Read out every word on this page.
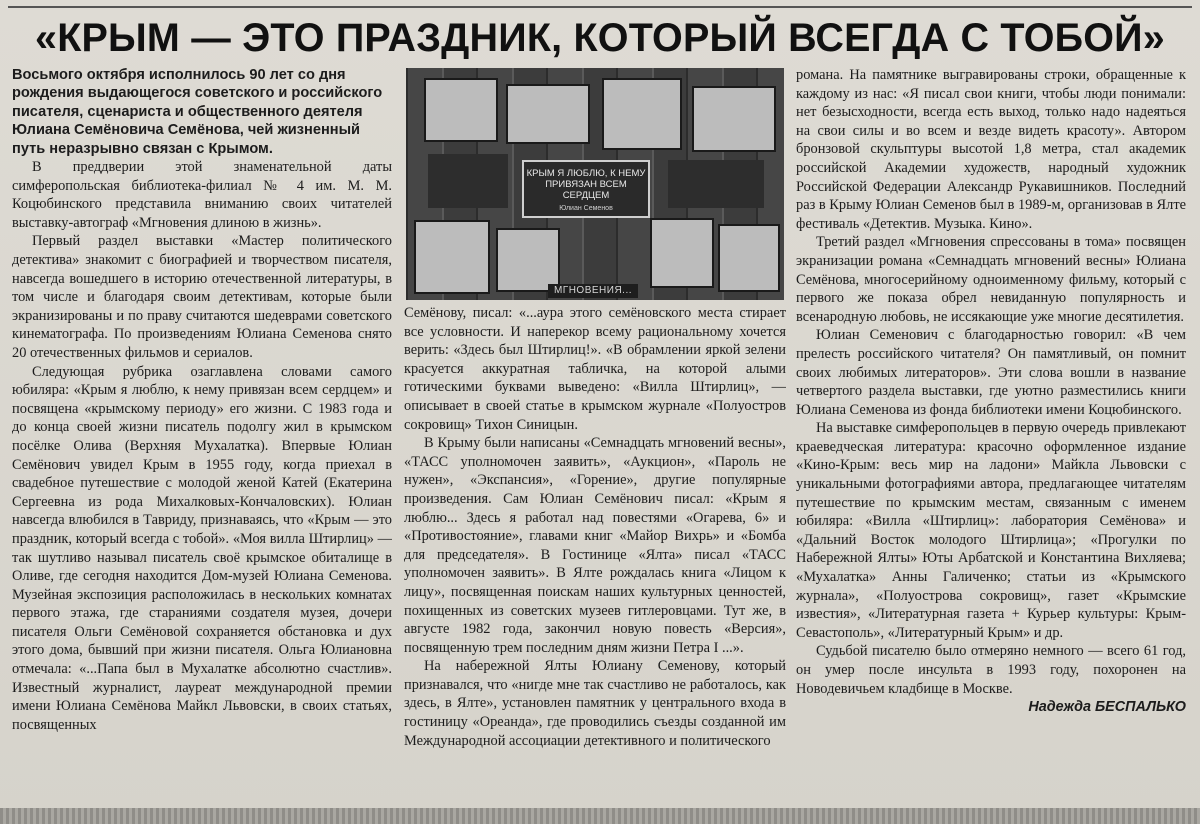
«КРЫМ — ЭТО ПРАЗДНИК, КОТОРЫЙ ВСЕГДА С ТОБОЙ»

Восьмого октября исполнилось 90 лет со дня рождения выдающегося советского и российского писателя, сценариста и общественного деятеля Юлиана Семёновича Семёнова, чей жизненный путь неразрывно связан с Крымом.

В преддверии этой знаменательной даты симферопольская библиотека-филиал № 4 им. М. М. Коцюбинского представила вниманию своих читателей выставку-автограф «Мгновения длиною в жизнь».

Первый раздел выставки «Мастер политического детектива» знакомит с биографией и творчеством писателя, навсегда вошедшего в историю отечественной литературы, в том числе и благодаря своим детективам, которые были экранизированы и по праву считаются шедеврами советского кинематографа. По произведениям Юлиана Семенова снято 20 отечественных фильмов и сериалов.

Следующая рубрика озаглавлена словами самого юбиляра: «Крым я люблю, к нему привязан всем сердцем» и посвящена «крымскому периоду» его жизни. С 1983 года и до конца своей жизни писатель подолгу жил в крымском посёлке Олива (Верхняя Мухалатка). Впервые Юлиан Семёнович увидел Крым в 1955 году, когда приехал в свадебное путешествие с молодой женой Катей (Екатерина Сергеевна из рода Михалковых-Кончаловских). Юлиан навсегда влюбился в Тавриду, признаваясь, что «Крым — это праздник, который всегда с тобой». «Моя вилла Штирлиц» — так шутливо называл писатель своё крымское обиталище в Оливе, где сегодня находится Дом-музей Юлиана Семенова. Музейная экспозиция расположилась в нескольких комнатах первого этажа, где стараниями создателя музея, дочери писателя Ольги Семёновой сохраняется обстановка и дух этого дома, бывший при жизни писателя. Ольга Юлиановна отмечала: «...Папа был в Мухалатке абсолютно счастлив». Известный журналист, лауреат международной премии имени Юлиана Семёнова Майкл Львовски, в своих статьях, посвященных

КРЫМ Я ЛЮБЛЮ, К НЕМУ ПРИВЯЗАН ВСЕМ СЕРДЦЕМ
Юлиан Семенов
МГНОВЕНИЯ...

Семёнову, писал: «...аура этого семёновского места стирает все условности. И наперекор всему рациональному хочется верить: «Здесь был Штирлиц!». «В обрамлении яркой зелени красуется аккуратная табличка, на которой алыми готическими буквами выведено: «Вилла Штирлиц», — описывает в своей статье в крымском журнале «Полуостров сокровищ» Тихон Синицын.

В Крыму были написаны «Семнадцать мгновений весны», «ТАСС уполномочен заявить», «Аукцион», «Пароль не нужен», «Экспансия», «Горение», другие популярные произведения. Сам Юлиан Семёнович писал: «Крым я люблю... Здесь я работал над повестями «Огарева, 6» и «Противостояние», главами книг «Майор Вихрь» и «Бомба для председателя». В Гостинице «Ялта» писал «ТАСС уполномочен заявить». В Ялте рождалась книга «Лицом к лицу», посвященная поискам наших культурных ценностей, похищенных из советских музеев гитлеровцами. Тут же, в августе 1982 года, закончил новую повесть «Версия», посвященную трем последним дням жизни Петра I ...».

На набережной Ялты Юлиану Семенову, который признавался, что «нигде мне так счастливо не работалось, как здесь, в Ялте», установлен памятник у центрального входа в гостиницу «Ореанда», где проводились съезды созданной им Международной ассоциации детективного и политического

романа. На памятнике выгравированы строки, обращенные к каждому из нас: «Я писал свои книги, чтобы люди понимали: нет безысходности, всегда есть выход, только надо надеяться на свои силы и во всем и везде видеть красоту». Автором бронзовой скульптуры высотой 1,8 метра, стал академик российской Академии художеств, народный художник Российской Федерации Александр Рукавишников. Последний раз в Крыму Юлиан Семенов был в 1989-м, организовав в Ялте фестиваль «Детектив. Музыка. Кино».

Третий раздел «Мгновения спрессованы в тома» посвящен экранизации романа «Семнадцать мгновений весны» Юлиана Семёнова, многосерийному одноименному фильму, который с первого же показа обрел невиданную популярность и всенародную любовь, не иссякающие уже многие десятилетия.

Юлиан Семенович с благодарностью говорил: «В чем прелесть российского читателя? Он памятливый, он помнит своих любимых литераторов». Эти слова вошли в название четвертого раздела выставки, где уютно разместились книги Юлиана Семенова из фонда библиотеки имени Коцюбинского.

На выставке симферопольцев в первую очередь привлекают краеведческая литература: красочно оформленное издание «Кино-Крым: весь мир на ладони» Майкла Львовски с уникальными фотографиями автора, предлагающее читателям путешествие по крымским местам, связанным с именем юбиляра: «Вилла «Штирлиц»: лаборатория Семёнова» и «Дальний Восток молодого Штирлица»; «Прогулки по Набережной Ялты» Юты Арбатской и Константина Вихляева; «Мухалатка» Анны Галиченко; статьи из «Крымского журнала», «Полуострова сокровищ», газет «Крымские известия», «Литературная газета + Курьер культуры: Крым-Севастополь», «Литературный Крым» и др.

Судьбой писателю было отмеряно немного — всего 61 год, он умер после инсульта в 1993 году, похоронен на Новодевичьем кладбище в Москве.

Надежда БЕСПАЛЬКО
